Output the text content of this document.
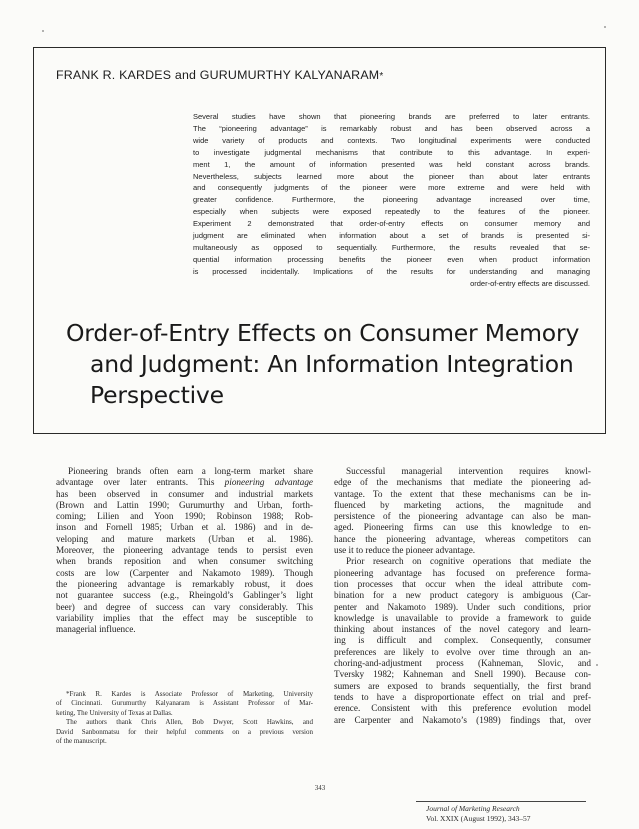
FRANK R. KARDES and GURUMURTHY KALYANARAM*
Several studies have shown that pioneering brands are preferred to later entrants.
The “pioneering advantage” is remarkably robust and has been observed across a
wide variety of products and contexts. Two longitudinal experiments were conducted
to investigate judgmental mechanisms that contribute to this advantage. In experi-
ment 1, the amount of information presented was held constant across brands.
Nevertheless, subjects learned more about the pioneer than about later entrants
and consequently judgments of the pioneer were more extreme and were held with
greater confidence. Furthermore, the pioneering advantage increased over time,
especially when subjects were exposed repeatedly to the features of the pioneer.
Experiment 2 demonstrated that order-of-entry effects on consumer memory and
judgment are eliminated when information about a set of brands is presented si-
multaneously as opposed to sequentially. Furthermore, the results revealed that se-
quential information processing benefits the pioneer even when product information
is processed incidentally. Implications of the results for understanding and managing
order-of-entry effects are discussed.
Order-of-Entry Effects on Consumer Memory
and Judgment: An Information Integration
Perspective
Pioneering brands often earn a long-term market share
advantage over later entrants. This pioneering advantage
has been observed in consumer and industrial markets
(Brown and Lattin 1990; Gurumurthy and Urban, forth-
coming; Lilien and Yoon 1990; Robinson 1988; Rob-
inson and Fornell 1985; Urban et al. 1986) and in de-
veloping and mature markets (Urban et al. 1986).
Moreover, the pioneering advantage tends to persist even
when brands reposition and when consumer switching
costs are low (Carpenter and Nakamoto 1989). Though
the pioneering advantage is remarkably robust, it does
not guarantee success (e.g., Rheingold’s Gablinger’s light
beer) and degree of success can vary considerably. This
variability implies that the effect may be susceptible to
managerial influence.
Successful managerial intervention requires knowl-
edge of the mechanisms that mediate the pioneering ad-
vantage. To the extent that these mechanisms can be in-
fluenced by marketing actions, the magnitude and
persistence of the pioneering advantage can also be man-
aged. Pioneering firms can use this knowledge to en-
hance the pioneering advantage, whereas competitors can
use it to reduce the pioneer advantage.
Prior research on cognitive operations that mediate the
pioneering advantage has focused on preference forma-
tion processes that occur when the ideal attribute com-
bination for a new product category is ambiguous (Car-
penter and Nakamoto 1989). Under such conditions, prior
knowledge is unavailable to provide a framework to guide
thinking about instances of the novel category and learn-
ing is difficult and complex. Consequently, consumer
preferences are likely to evolve over time through an an-
choring-and-adjustment process (Kahneman, Slovic, and
Tversky 1982; Kahneman and Snell 1990). Because con-
sumers are exposed to brands sequentially, the first brand
tends to have a disproportionate effect on trial and pref-
erence. Consistent with this preference evolution model
are Carpenter and Nakamoto’s (1989) findings that, over
*Frank R. Kardes is Associate Professor of Marketing, University
of Cincinnati. Gurumurthy Kalyanaram is Assistant Professor of Mar-
keting, The University of Texas at Dallas.
The authors thank Chris Allen, Bob Dwyer, Scott Hawkins, and
David Sanbonmatsu for their helpful comments on a previous version
of the manuscript.
343
Journal of Marketing Research
Vol. XXIX (August 1992), 343–57
